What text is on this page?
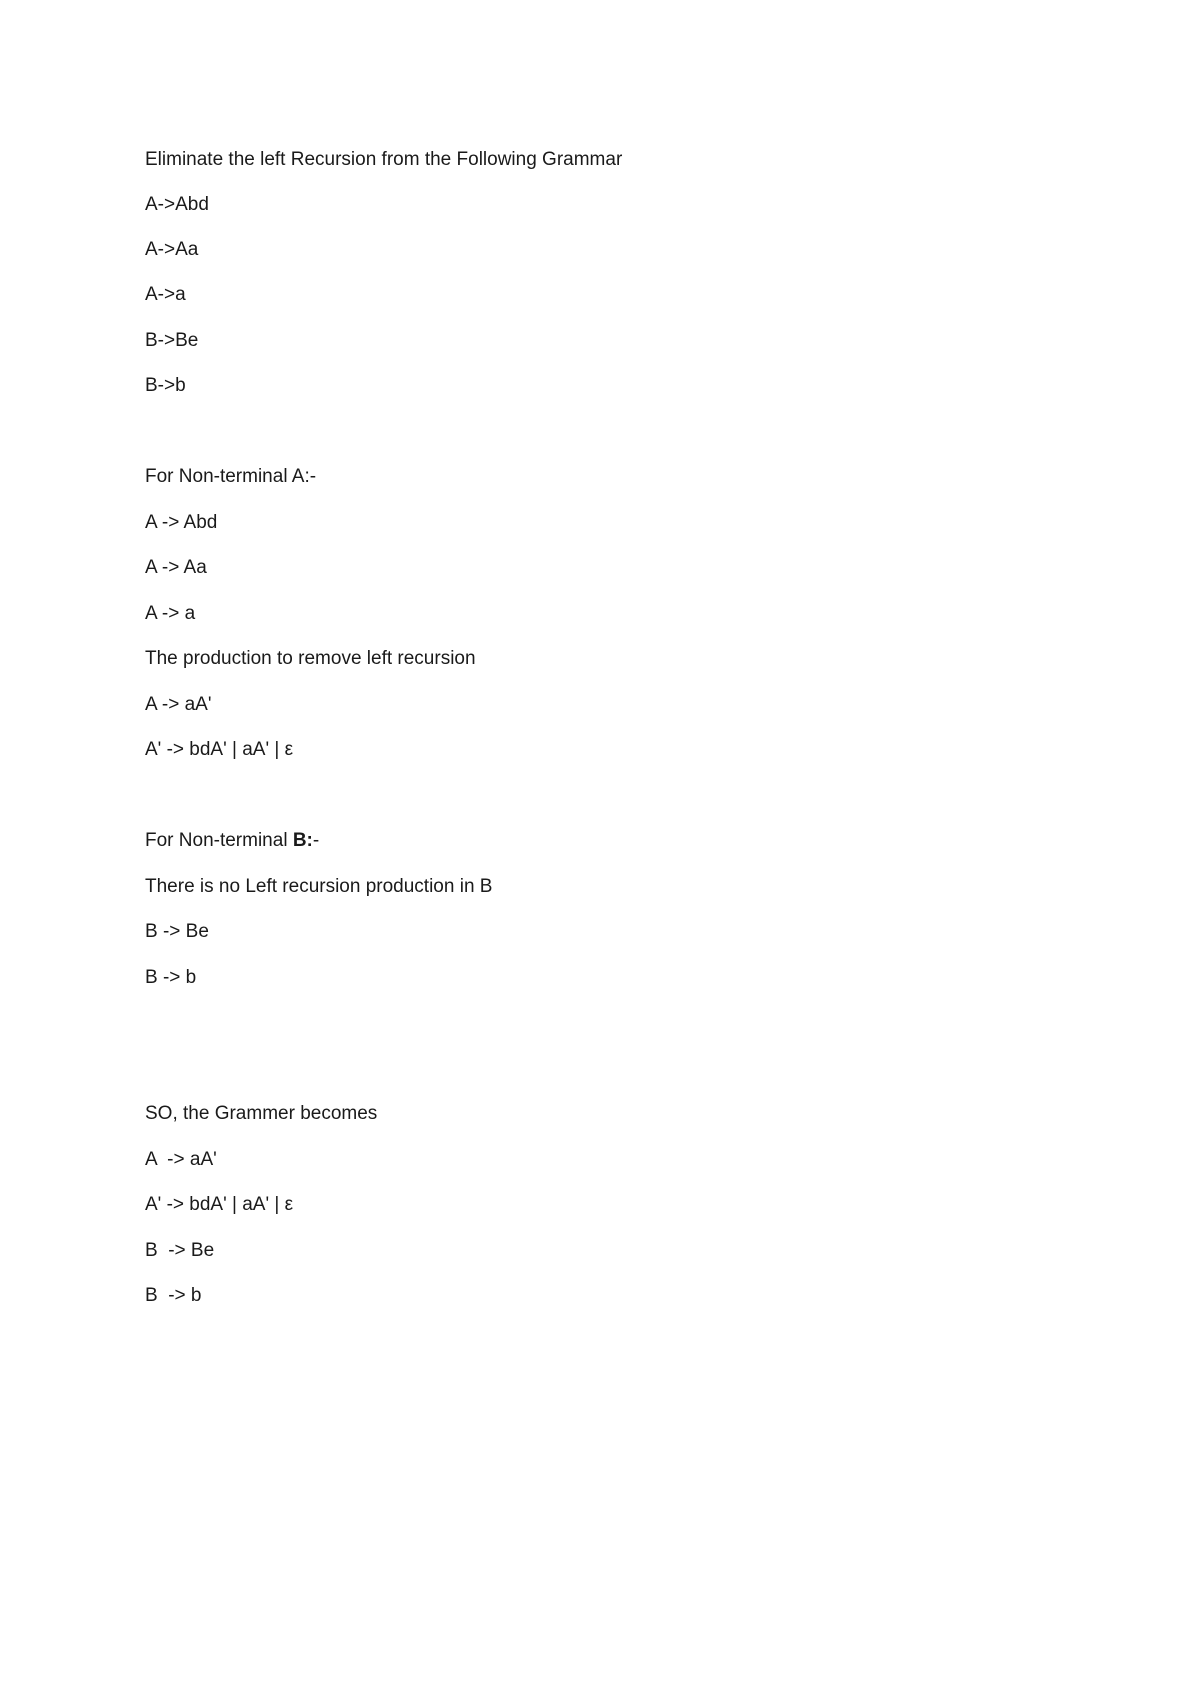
Eliminate the left Recursion from the Following Grammar

A->Abd

A->Aa

A->a

B->Be

B->b

For Non-terminal A:-

A -> Abd

A -> Aa

A -> a

The production to remove left recursion

A -> aA'

A' -> bdA' | aA' | ε

For Non-terminal B:-

There is no Left recursion production in B

B -> Be

B -> b

SO, the Grammer becomes

A  -> aA'

A' -> bdA' | aA' | ε

B  -> Be

B  -> b
